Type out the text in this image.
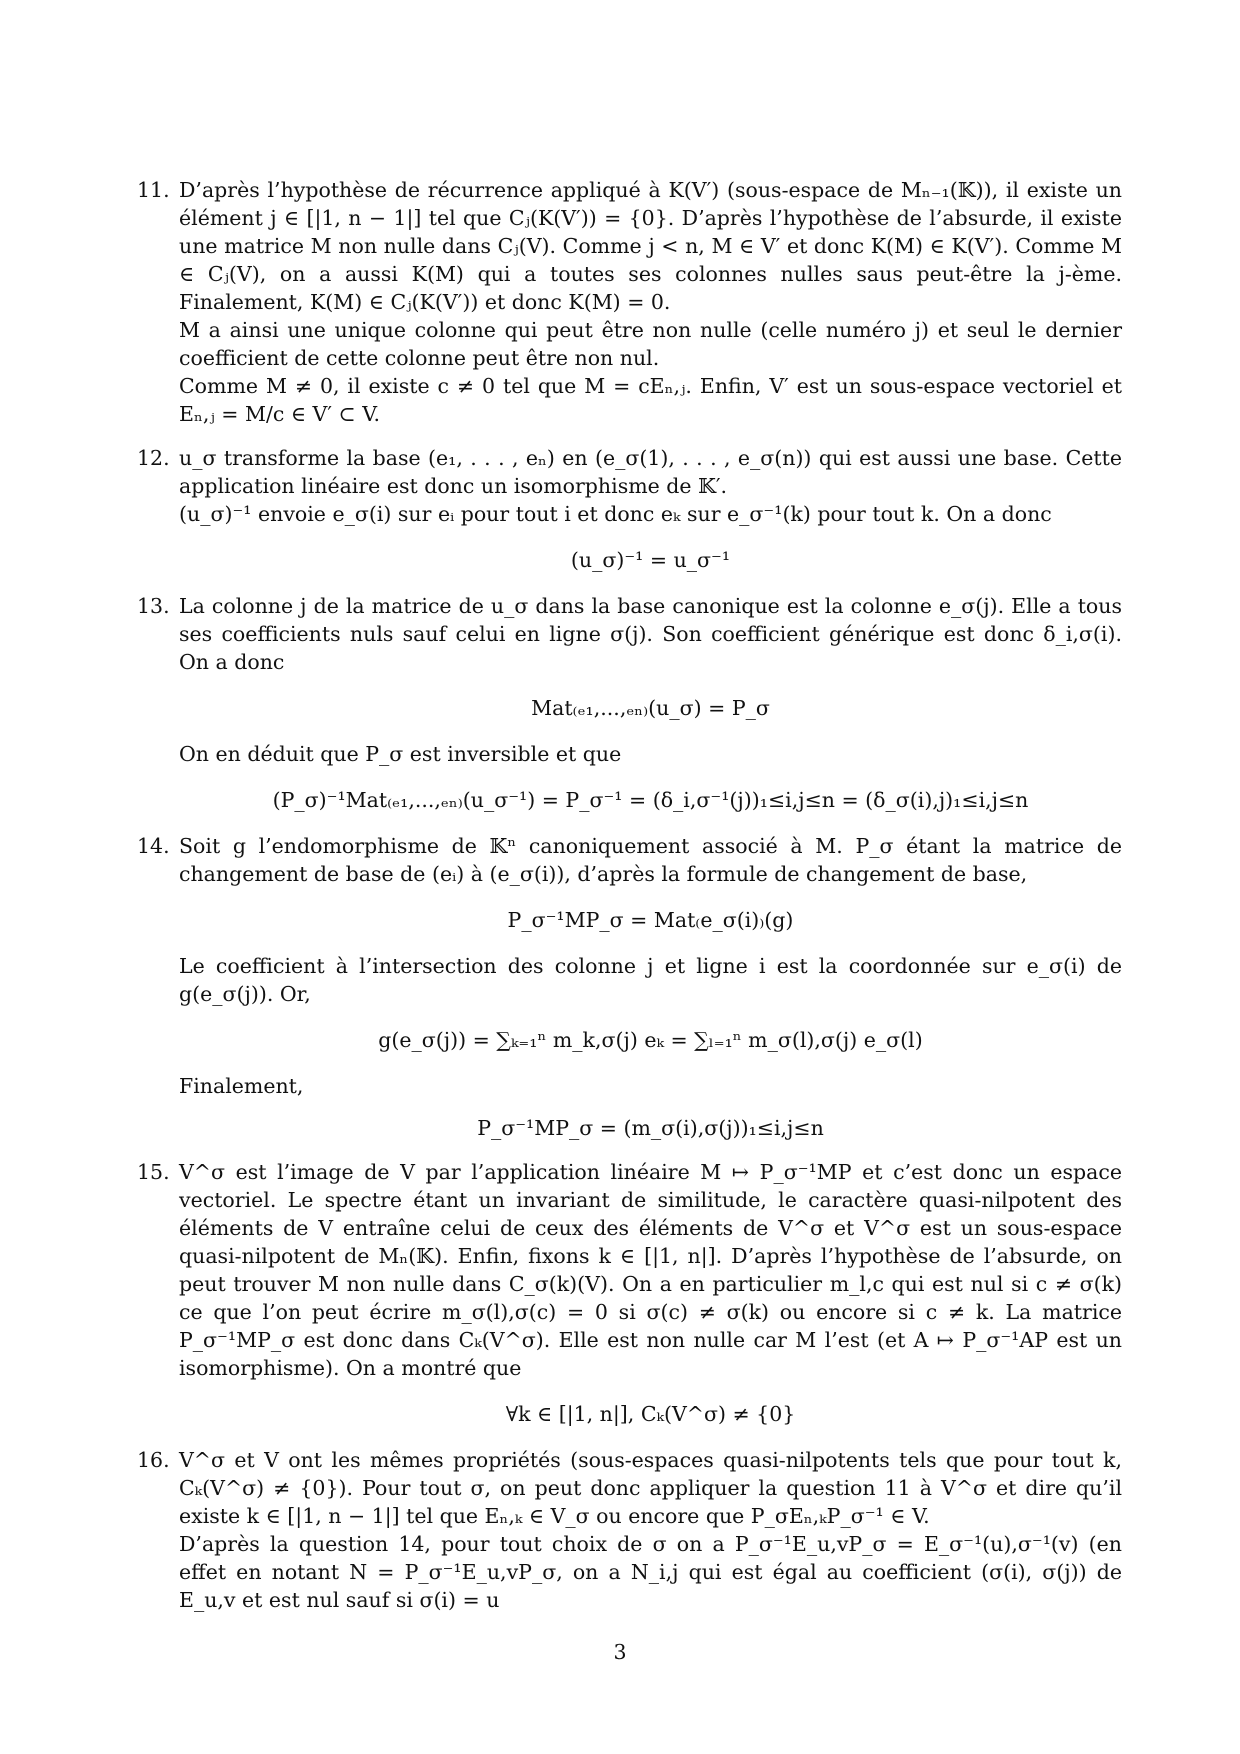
11. D’après l’hypothèse de récurrence appliqué à K(V′) (sous-espace de Mₙ₋₁(𝕂)), il existe un élément j ∈ [|1, n − 1|] tel que Cⱼ(K(V′)) = {0}. D’après l’hypothèse de l’absurde, il existe une matrice M non nulle dans Cⱼ(V). Comme j < n, M ∈ V′ et donc K(M) ∈ K(V′). Comme M ∈ Cⱼ(V), on a aussi K(M) qui a toutes ses colonnes nulles saus peut-être la j-ème. Finalement, K(M) ∈ Cⱼ(K(V′)) et donc K(M) = 0.

M a ainsi une unique colonne qui peut être non nulle (celle numéro j) et seul le dernier coefficient de cette colonne peut être non nul.

Comme M ≠ 0, il existe c ≠ 0 tel que M = cEₙ,ⱼ. Enfin, V′ est un sous-espace vectoriel et Eₙ,ⱼ = M/c ∈ V′ ⊂ V.

12. u_σ transforme la base (e₁, . . . , eₙ) en (e_σ(1), . . . , e_σ(n)) qui est aussi une base. Cette application linéaire est donc un isomorphisme de 𝕂′.

(u_σ)⁻¹ envoie e_σ(i) sur eᵢ pour tout i et donc eₖ sur e_σ⁻¹(k) pour tout k. On a donc

(u_σ)⁻¹ = u_σ⁻¹
13. La colonne j de la matrice de u_σ dans la base canonique est la colonne e_σ(j). Elle a tous ses coefficients nuls sauf celui en ligne σ(j). Son coefficient générique est donc δ_i,σ(i). On a donc

Mat₍ₑ₁,...,ₑₙ₎(u_σ) = P_σ

On en déduit que P_σ est inversible et que

(P_σ)⁻¹Mat₍ₑ₁,...,ₑₙ₎(u_σ⁻¹) = P_σ⁻¹ = (δ_i,σ⁻¹(j))₁≤i,j≤n = (δ_σ(i),j)₁≤i,j≤n
14. Soit g l’endomorphisme de 𝕂ⁿ canoniquement associé à M. P_σ étant la matrice de changement de base de (eᵢ) à (e_σ(i)), d’après la formule de changement de base,

P_σ⁻¹MP_σ = Mat₍e_σ(i)₎(g)

Le coefficient à l’intersection des colonne j et ligne i est la coordonnée sur e_σ(i) de g(e_σ(j)). Or,

g(e_σ(j)) = ∑ₖ₌₁ⁿ m_k,σ(j) eₖ = ∑ₗ₌₁ⁿ m_σ(l),σ(j) e_σ(l)

Finalement,

P_σ⁻¹MP_σ = (m_σ(i),σ(j))₁≤i,j≤n
15. V^σ est l’image de V par l’application linéaire M ↦ P_σ⁻¹MP et c’est donc un espace vectoriel. Le spectre étant un invariant de similitude, le caractère quasi-nilpotent des éléments de V entraîne celui de ceux des éléments de V^σ et V^σ est un sous-espace quasi-nilpotent de Mₙ(𝕂). Enfin, fixons k ∈ [|1, n|]. D’après l’hypothèse de l’absurde, on peut trouver M non nulle dans C_σ(k)(V). On a en particulier m_l,c qui est nul si c ≠ σ(k) ce que l’on peut écrire m_σ(l),σ(c) = 0 si σ(c) ≠ σ(k) ou encore si c ≠ k. La matrice P_σ⁻¹MP_σ est donc dans Cₖ(V^σ). Elle est non nulle car M l’est (et A ↦ P_σ⁻¹AP est un isomorphisme). On a montré que

∀k ∈ [|1, n|], Cₖ(V^σ) ≠ {0}
16. V^σ et V ont les mêmes propriétés (sous-espaces quasi-nilpotents tels que pour tout k, Cₖ(V^σ) ≠ {0}). Pour tout σ, on peut donc appliquer la question 11 à V^σ et dire qu’il existe k ∈ [|1, n − 1|] tel que Eₙ,ₖ ∈ V_σ ou encore que P_σEₙ,ₖP_σ⁻¹ ∈ V.

D’après la question 14, pour tout choix de σ on a P_σ⁻¹E_u,vP_σ = E_σ⁻¹(u),σ⁻¹(v) (en effet en notant N = P_σ⁻¹E_u,vP_σ, on a N_i,j qui est égal au coefficient (σ(i), σ(j)) de E_u,v et est nul sauf si σ(i) = u

3
